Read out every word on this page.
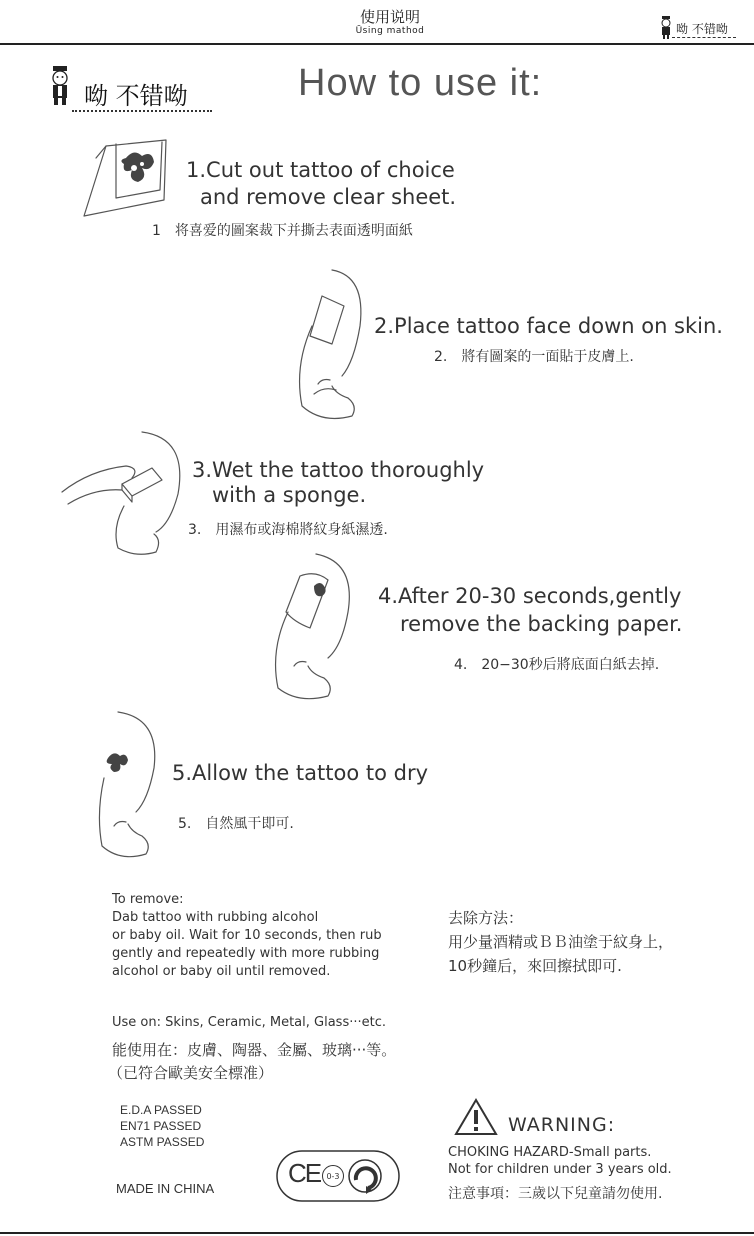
使用说明
Ūsing mathod	呦 不错呦
呦 不错呦	How to use it:
1.Cut out tattoo of choice
and remove clear sheet.
1　将喜爱的圖案裁下并撕去表面透明面紙
2.Place tattoo face down on skin.
2.　將有圖案的一面貼于皮膚上.
3.Wet the tattoo thoroughly
with a sponge.
3.　用濕布或海棉將紋身紙濕透.
4.After 20-30 seconds,gently
remove the backing paper.
4.　20−30秒后將底面白紙去掉.
5.Allow the tattoo to dry
5.　自然風干即可.
To remove:
Dab tattoo with rubbing alcohol
or baby oil. Wait for 10 seconds, then rub
gently and repeatedly with more rubbing
alcohol or baby oil until removed.
去除方法：
用少量酒精或ＢＢ油塗于紋身上，
10秒鐘后，來回擦拭即可.
Use on: Skins, Ceramic, Metal, Glass···etc.
能使用在：皮膚、陶器、金屬、玻璃···等。
（已符合歐美安全標准）
E.D.A PASSED
EN71 PASSED
ASTM PASSED
MADE IN CHINA
CE 0-3
WARNING:
CHOKING HAZARD-Small parts.
Not for children under 3 years old.
注意事項：三歲以下兒童請勿使用.
